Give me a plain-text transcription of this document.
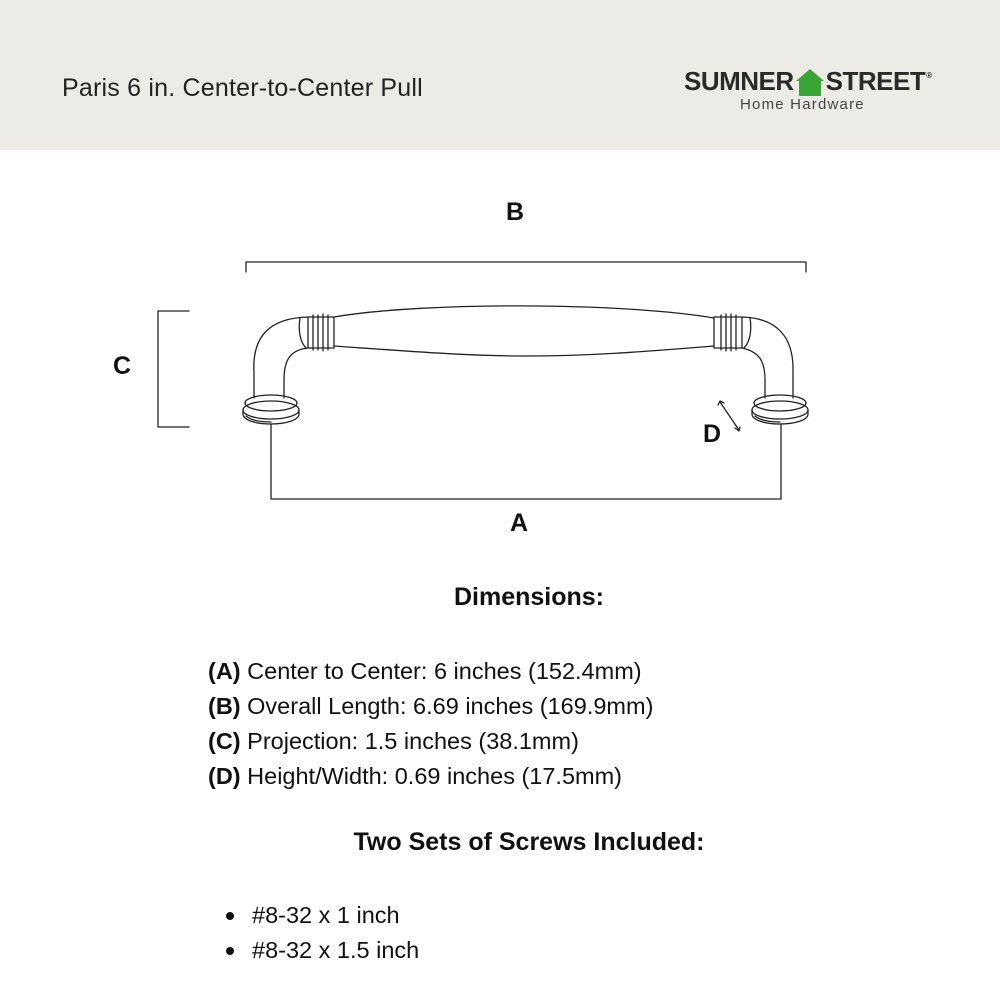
Paris 6 in. Center-to-Center Pull	SUMNER STREET ®
Home Hardware
B
C
D
A
Dimensions:
(A) Center to Center: 6 inches (152.4mm)
(B) Overall Length: 6.69 inches (169.9mm)
(C) Projection: 1.5 inches (38.1mm)
(D) Height/Width: 0.69 inches (17.5mm)
Two Sets of Screws Included:
#8-32 x 1 inch
#8-32 x 1.5 inch
